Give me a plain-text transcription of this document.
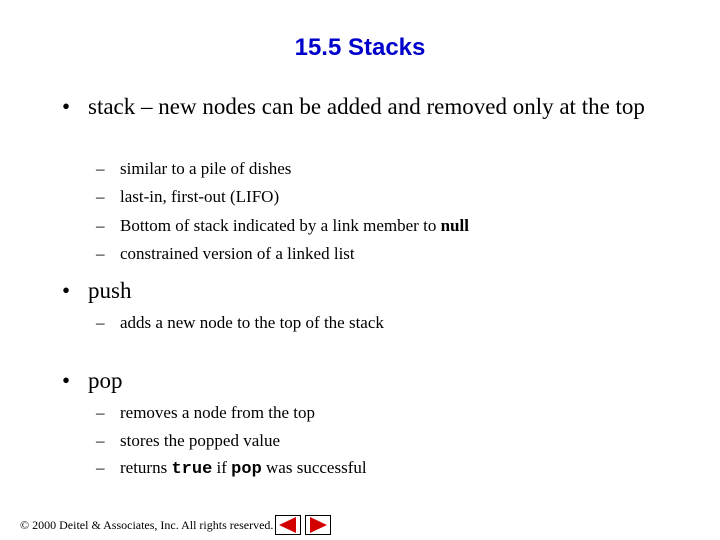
15.5 Stacks
• stack – new nodes can be added and removed only at the top
– similar to a pile of dishes
– last-in, first-out (LIFO)
– Bottom of stack indicated by a link member to null
– constrained version of a linked list
• push
– adds a new node to the top of the stack
• pop
– removes a node from the top
– stores the popped value
– returns true if pop was successful
© 2000 Deitel & Associates, Inc. All rights reserved.
